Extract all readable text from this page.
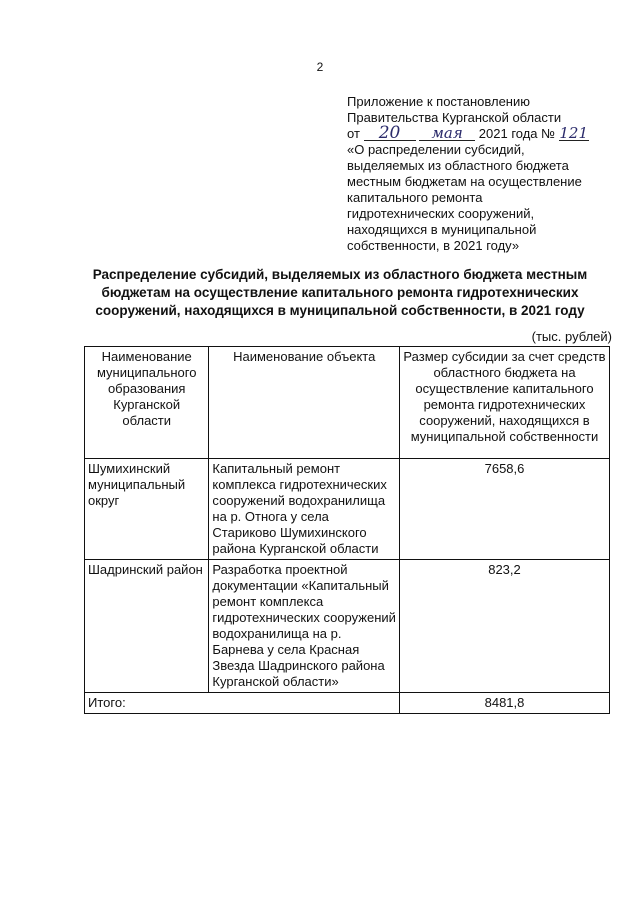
2
Приложение к постановлению
Правительства Курганской области
от 20 мая 2021 года № 121
«О распределении субсидий,
выделяемых из областного бюджета
местным бюджетам на осуществление
капитального ремонта
гидротехнических сооружений,
находящихся в муниципальной
собственности, в 2021 году»
Распределение субсидий, выделяемых из областного бюджета местным
бюджетам на осуществление капитального ремонта гидротехнических
сооружений, находящихся в муниципальной собственности, в 2021 году
(тыс. рублей)
Наименование муниципального образования Курганской области	Наименование объекта	Размер субсидии за счет средств областного бюджета на осуществление капитального ремонта гидротехнических сооружений, находящихся в муниципальной собственности
Шумихинский муниципальный округ	Капитальный ремонт комплекса гидротехнических сооружений водохранилища на р. Отнога у села Стариково Шумихинского района Курганской области	7658,6
Шадринский район	Разработка проектной документации «Капитальный ремонт комплекса гидротехнических сооружений водохранилища на р. Барнева у села Красная Звезда Шадринского района Курганской области»	823,2
Итого:		8481,8
